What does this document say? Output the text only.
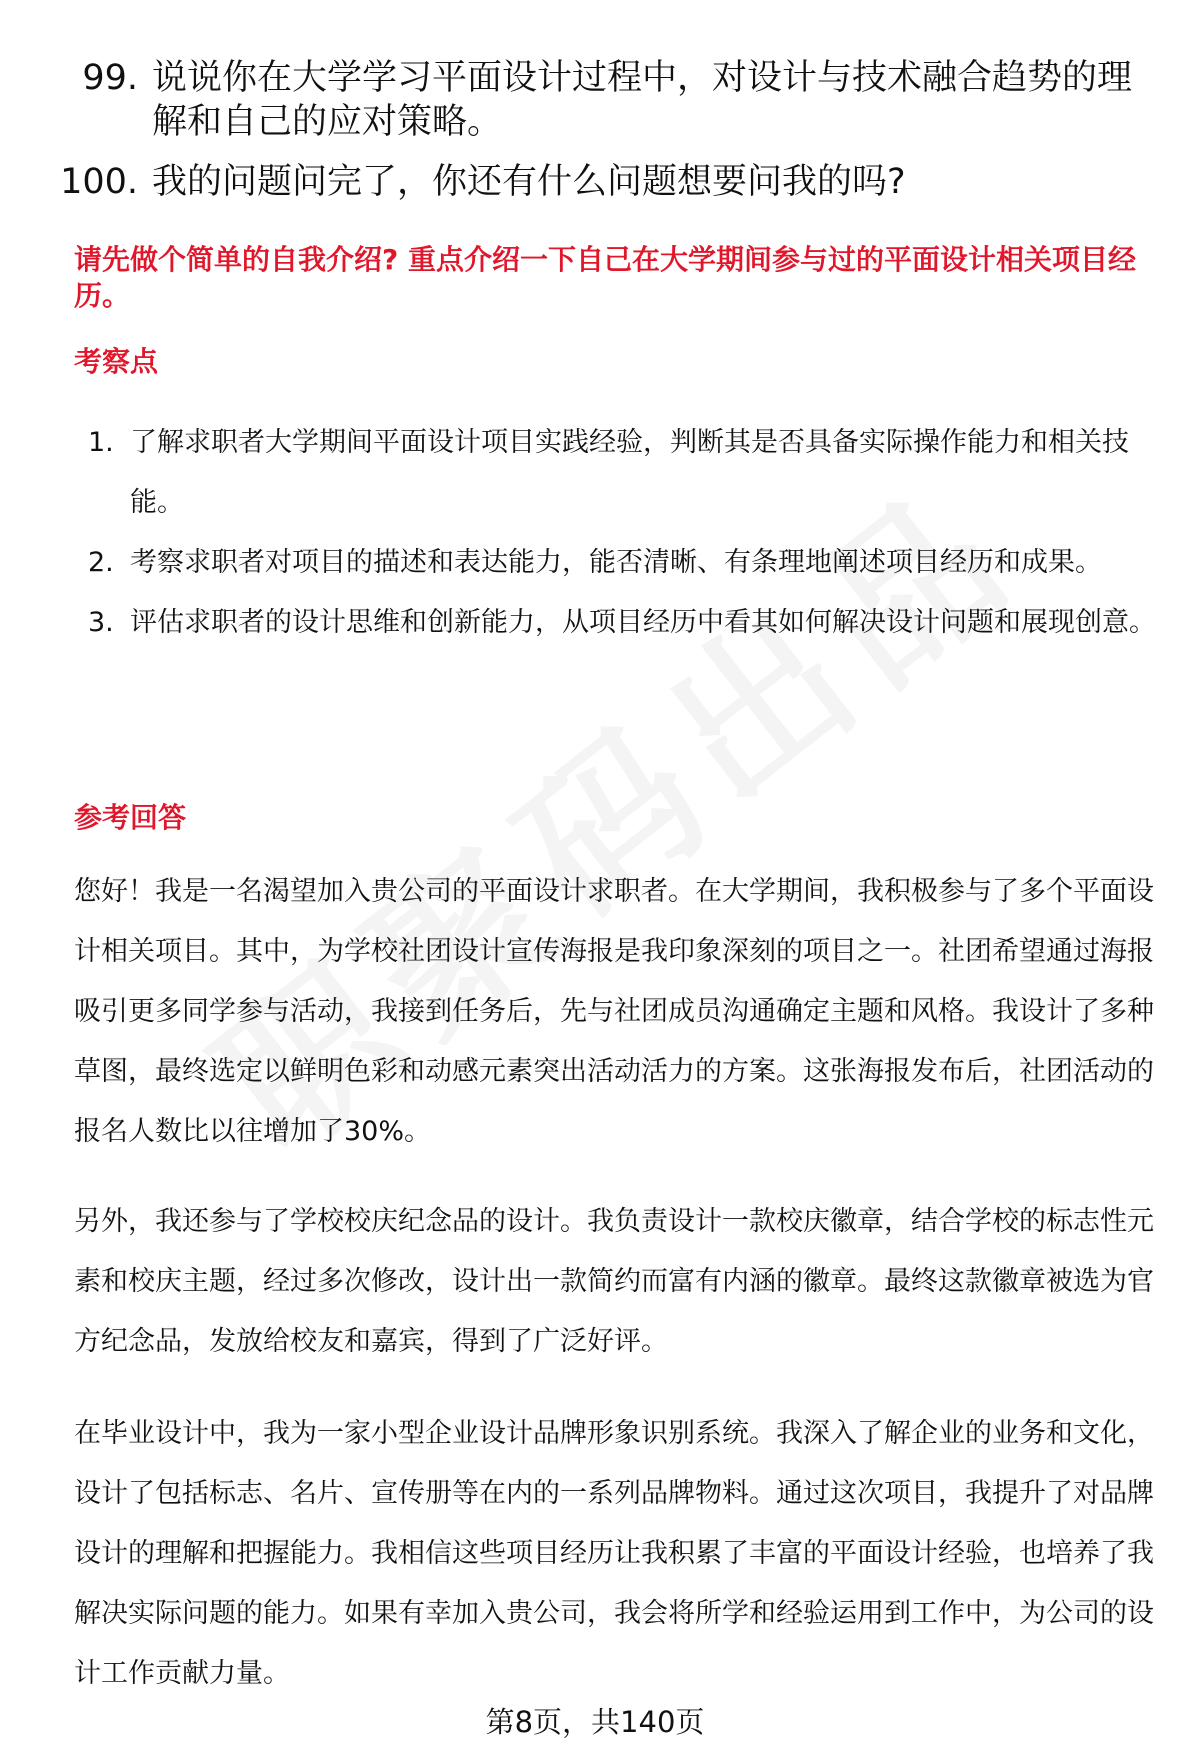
99. 说说你在大学学习平面设计过程中，对设计与技术融合趋势的理解和自己的应对策略。
100. 我的问题问完了，你还有什么问题想要问我的吗?
请先做个简单的自我介绍? 重点介绍一下自己在大学期间参与过的平面设计相关项目经历。
考察点
1. 了解求职者大学期间平面设计项目实践经验，判断其是否具备实际操作能力和相关技能。
2. 考察求职者对项目的描述和表达能力，能否清晰、有条理地阐述项目经历和成果。
3. 评估求职者的设计思维和创新能力，从项目经历中看其如何解决设计问题和展现创意。
参考回答

您好！我是一名渴望加入贵公司的平面设计求职者。在大学期间，我积极参与了多个平面设计相关项目。其中，为学校社团设计宣传海报是我印象深刻的项目之一。社团希望通过海报吸引更多同学参与活动，我接到任务后，先与社团成员沟通确定主题和风格。我设计了多种草图，最终选定以鲜明色彩和动感元素突出活动活力的方案。这张海报发布后，社团活动的报名人数比以往增加了30%。

另外，我还参与了学校校庆纪念品的设计。我负责设计一款校庆徽章，结合学校的标志性元素和校庆主题，经过多次修改，设计出一款简约而富有内涵的徽章。最终这款徽章被选为官方纪念品，发放给校友和嘉宾，得到了广泛好评。

在毕业设计中，我为一家小型企业设计品牌形象识别系统。我深入了解企业的业务和文化，设计了包括标志、名片、宣传册等在内的一系列品牌物料。通过这次项目，我提升了对品牌设计的理解和把握能力。我相信这些项目经历让我积累了丰富的平面设计经验，也培养了我解决实际问题的能力。如果有幸加入贵公司，我会将所学和经验运用到工作中，为公司的设计工作贡献力量。

第8页，共140页
